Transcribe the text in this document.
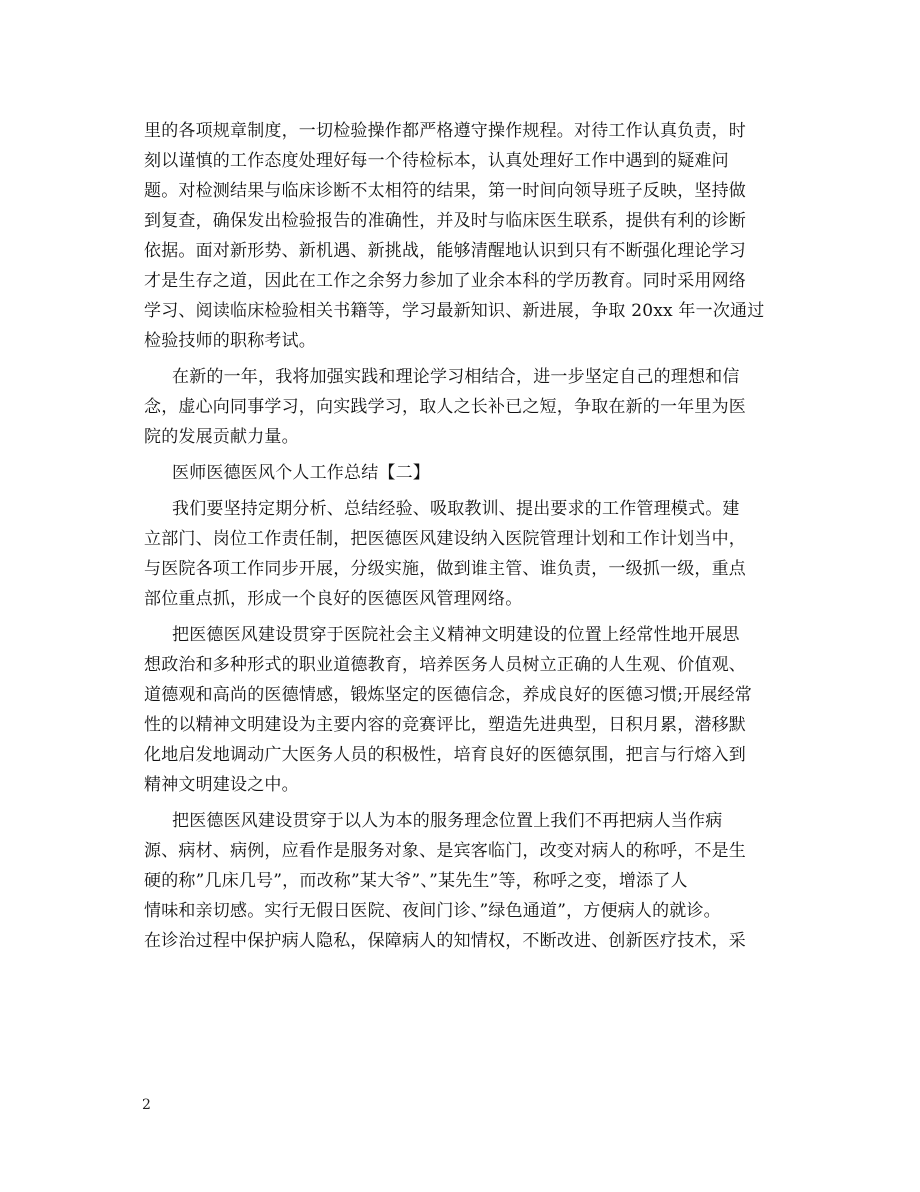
里的各项规章制度，一切检验操作都严格遵守操作规程。对待工作认真负责，时
刻以谨慎的工作态度处理好每一个待检标本，认真处理好工作中遇到的疑难问
题。对检测结果与临床诊断不太相符的结果，第一时间向领导班子反映，坚持做
到复查，确保发出检验报告的准确性，并及时与临床医生联系，提供有利的诊断
依据。面对新形势、新机遇、新挑战，能够清醒地认识到只有不断强化理论学习
才是生存之道，因此在工作之余努力参加了业余本科的学历教育。同时采用网络
学习、阅读临床检验相关书籍等，学习最新知识、新进展，争取 20xx 年一次通过
检验技师的职称考试。
在新的一年，我将加强实践和理论学习相结合，进一步坚定自己的理想和信
念，虚心向同事学习，向实践学习，取人之长补已之短，争取在新的一年里为医
院的发展贡献力量。
医师医德医风个人工作总结【二】
我们要坚持定期分析、总结经验、吸取教训、提出要求的工作管理模式。建
立部门、岗位工作责任制，把医德医风建设纳入医院管理计划和工作计划当中，
与医院各项工作同步开展，分级实施，做到谁主管、谁负责，一级抓一级，重点
部位重点抓，形成一个良好的医德医风管理网络。
把医德医风建设贯穿于医院社会主义精神文明建设的位置上经常性地开展思
想政治和多种形式的职业道德教育，培养医务人员树立正确的人生观、价值观、
道德观和高尚的医德情感，锻炼坚定的医德信念，养成良好的医德习惯;开展经常
性的以精神文明建设为主要内容的竞赛评比，塑造先进典型，日积月累，潜移默
化地启发地调动广大医务人员的积极性，培育良好的医德氛围，把言与行熔入到
精神文明建设之中。
把医德医风建设贯穿于以人为本的服务理念位置上我们不再把病人当作病
源、病材、病例，应看作是服务对象、是宾客临门，改变对病人的称呼，不是生
硬的称”几床几号”，而改称”某大爷”、”某先生”等，称呼之变，增添了人
情味和亲切感。实行无假日医院、夜间门诊、”绿色通道”，方便病人的就诊。
在诊治过程中保护病人隐私，保障病人的知情权，不断改进、创新医疗技术，采
2
